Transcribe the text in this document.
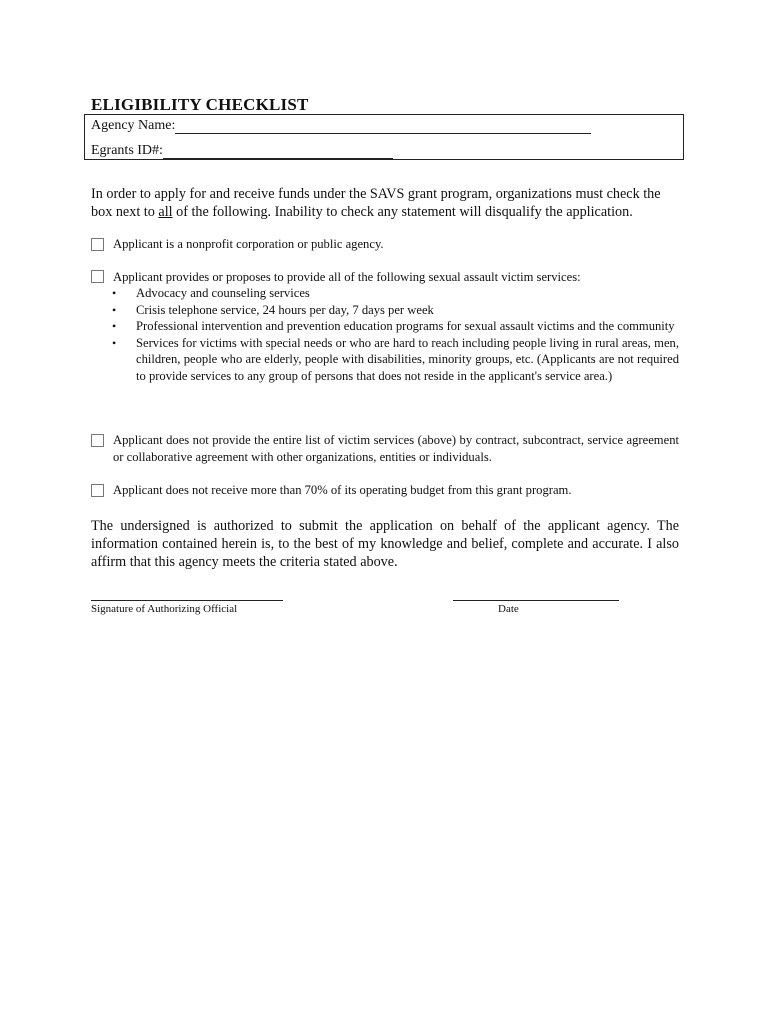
ELIGIBILITY CHECKLIST
Agency Name:
Egrants ID#:
In order to apply for and receive funds under the SAVS grant program, organizations must check the box next to all of the following. Inability to check any statement will disqualify the application.
Applicant is a nonprofit corporation or public agency.
Applicant provides or proposes to provide all of the following sexual assault victim services:
• Advocacy and counseling services
• Crisis telephone service, 24 hours per day, 7 days per week
• Professional intervention and prevention education programs for sexual assault victims and the community
• Services for victims with special needs or who are hard to reach including people living in rural areas, men, children, people who are elderly, people with disabilities, minority groups, etc. (Applicants are not required to provide services to any group of persons that does not reside in the applicant's service area.)
Applicant does not provide the entire list of victim services (above) by contract, subcontract, service agreement or collaborative agreement with other organizations, entities or individuals.
Applicant does not receive more than 70% of its operating budget from this grant program.
The undersigned is authorized to submit the application on behalf of the applicant agency. The information contained herein is, to the best of my knowledge and belief, complete and accurate. I also affirm that this agency meets the criteria stated above.
Signature of Authorizing Official	Date
